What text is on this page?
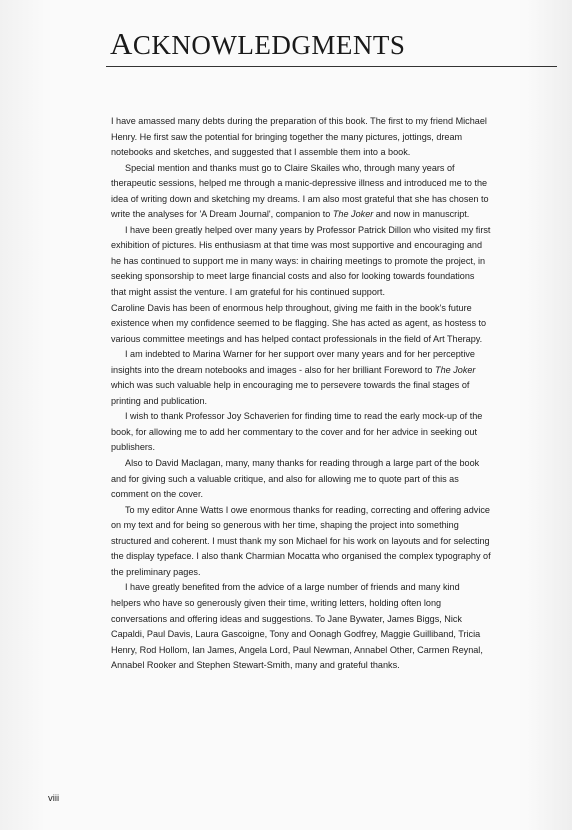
ACKNOWLEDGMENTS

I have amassed many debts during the preparation of this book. The first to my friend Michael Henry. He first saw the potential for bringing together the many pictures, jottings, dream notebooks and sketches, and suggested that I assemble them into a book.

Special mention and thanks must go to Claire Skailes who, through many years of therapeutic sessions, helped me through a manic-depressive illness and introduced me to the idea of writing down and sketching my dreams. I am also most grateful that she has chosen to write the analyses for 'A Dream Journal', companion to The Joker and now in manuscript.

I have been greatly helped over many years by Professor Patrick Dillon who visited my first exhibition of pictures. His enthusiasm at that time was most supportive and encouraging and he has continued to support me in many ways: in chairing meetings to promote the project, in seeking sponsorship to meet large financial costs and also for looking towards foundations that might assist the venture. I am grateful for his continued support.

Caroline Davis has been of enormous help throughout, giving me faith in the book's future existence when my confidence seemed to be flagging. She has acted as agent, as hostess to various committee meetings and has helped contact professionals in the field of Art Therapy.

I am indebted to Marina Warner for her support over many years and for her perceptive insights into the dream notebooks and images - also for her brilliant Foreword to The Joker which was such valuable help in encouraging me to persevere towards the final stages of printing and publication.

I wish to thank Professor Joy Schaverien for finding time to read the early mock-up of the book, for allowing me to add her commentary to the cover and for her advice in seeking out publishers.

Also to David Maclagan, many, many thanks for reading through a large part of the book and for giving such a valuable critique, and also for allowing me to quote part of this as comment on the cover.

To my editor Anne Watts I owe enormous thanks for reading, correcting and offering advice on my text and for being so generous with her time, shaping the project into something structured and coherent. I must thank my son Michael for his work on layouts and for selecting the display typeface. I also thank Charmian Mocatta who organised the complex typography of the preliminary pages.

I have greatly benefited from the advice of a large number of friends and many kind helpers who have so generously given their time, writing letters, holding often long conversations and offering ideas and suggestions. To Jane Bywater, James Biggs, Nick Capaldi, Paul Davis, Laura Gascoigne, Tony and Oonagh Godfrey, Maggie Guilliband, Tricia Henry, Rod Hollom, Ian James, Angela Lord, Paul Newman, Annabel Other, Carmen Reynal, Annabel Rooker and Stephen Stewart-Smith, many and grateful thanks.

viii
